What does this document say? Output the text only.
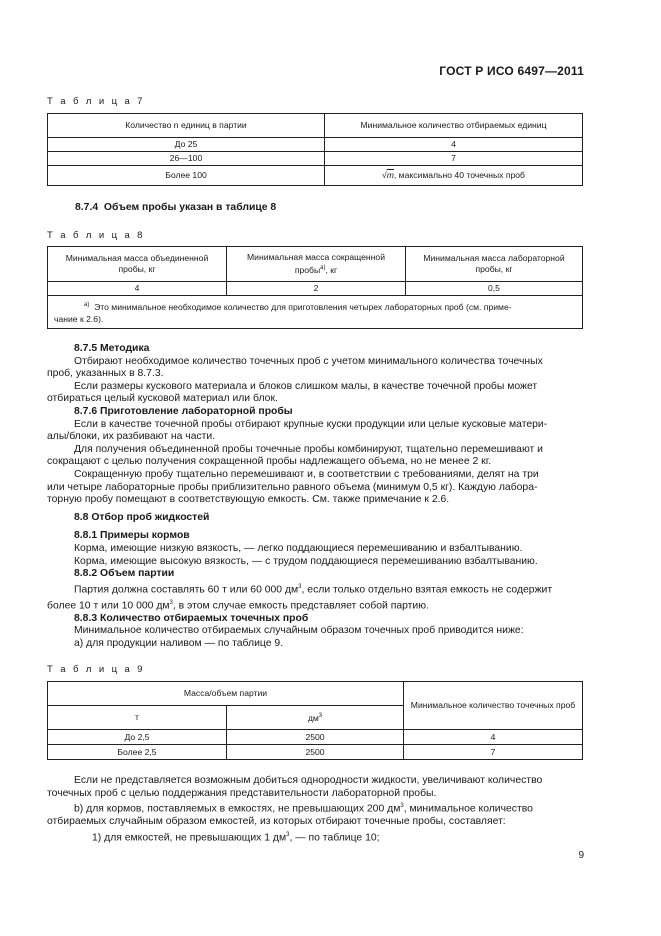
ГОСТ Р ИСО 6497—2011
Т а б л и ц а 7
Количество n единиц в партии	Минимальное количество отбираемых единиц
До 25	4
26—100	7
Более 100	√m, максимально 40 точечных проб
8.7.4 Объем пробы указан в таблице 8
Т а б л и ц а 8
Минимальная масса объединенной пробы, кг	Минимальная масса сокращенной пробы$^{а)}$, кг	Минимальная масса лабораторной пробы, кг
4	2	0,5

$^{а)}$ Это минимальное необходимое количество для приготовления четырех лабораторных проб (см. приме-
чание к 2.6).		
8.7.5 Методика
Отбирают необходимое количество точечных проб с учетом минимального количества точечных
проб, указанных в 8.7.3.
Если размеры кускового материала и блоков слишком малы, в качестве точечной пробы может
отбираться целый кусковой материал или блок.
8.7.6 Приготовление лабораторной пробы
Если в качестве точечной пробы отбирают крупные куски продукции или целые кусковые матери-
алы/блоки, их разбивают на части.
Для получения объединенной пробы точечные пробы комбинируют, тщательно перемешивают и
сокращают с целью получения сокращенной пробы надлежащего объема, но не менее 2 кг.
Сокращенную пробу тщательно перемешивают и, в соответствии с требованиями, делят на три
или четыре лабораторные пробы приблизительно равного объема (минимум 0,5 кг). Каждую лабора-
торную пробу помещают в соответствующую емкость. См. также примечание к 2.6.
8.8 Отбор проб жидкостей
8.8.1 Примеры кормов
Корма, имеющие низкую вязкость, — легко поддающиеся перемешиванию и взбалтыванию.
Корма, имеющие высокую вязкость, — с трудом поддающиеся перемешиванию взбалтыванию.
8.8.2 Объем партии
Партия должна составлять 60 т или 60 000 $дм^3$, если только отдельно взятая емкость не содержит
более 10 т или 10 000 $дм^3$, в этом случае емкость представляет собой партию.
8.8.3 Количество отбираемых точечных проб
Минимальное количество отбираемых случайным образом точечных проб приводится ниже:
а) для продукции наливом — по таблице 9.
Т а б л и ц а 9
Масса/объем партии		Минимальное количество точечных проб
т	$дм^3$
До 2,5	2500	4
Более 2,5	2500	7
Если не представляется возможным добиться однородности жидкости, увеличивают количество
точечных проб с целью поддержания представительности лабораторной пробы.
b) для кормов, поставляемых в емкостях, не превышающих 200 $дм^3$, минимальное количество
отбираемых случайным образом емкостей, из которых отбирают точечные пробы, составляет:
1) для емкостей, не превышающих 1 $дм^3$, — по таблице 10;
9
